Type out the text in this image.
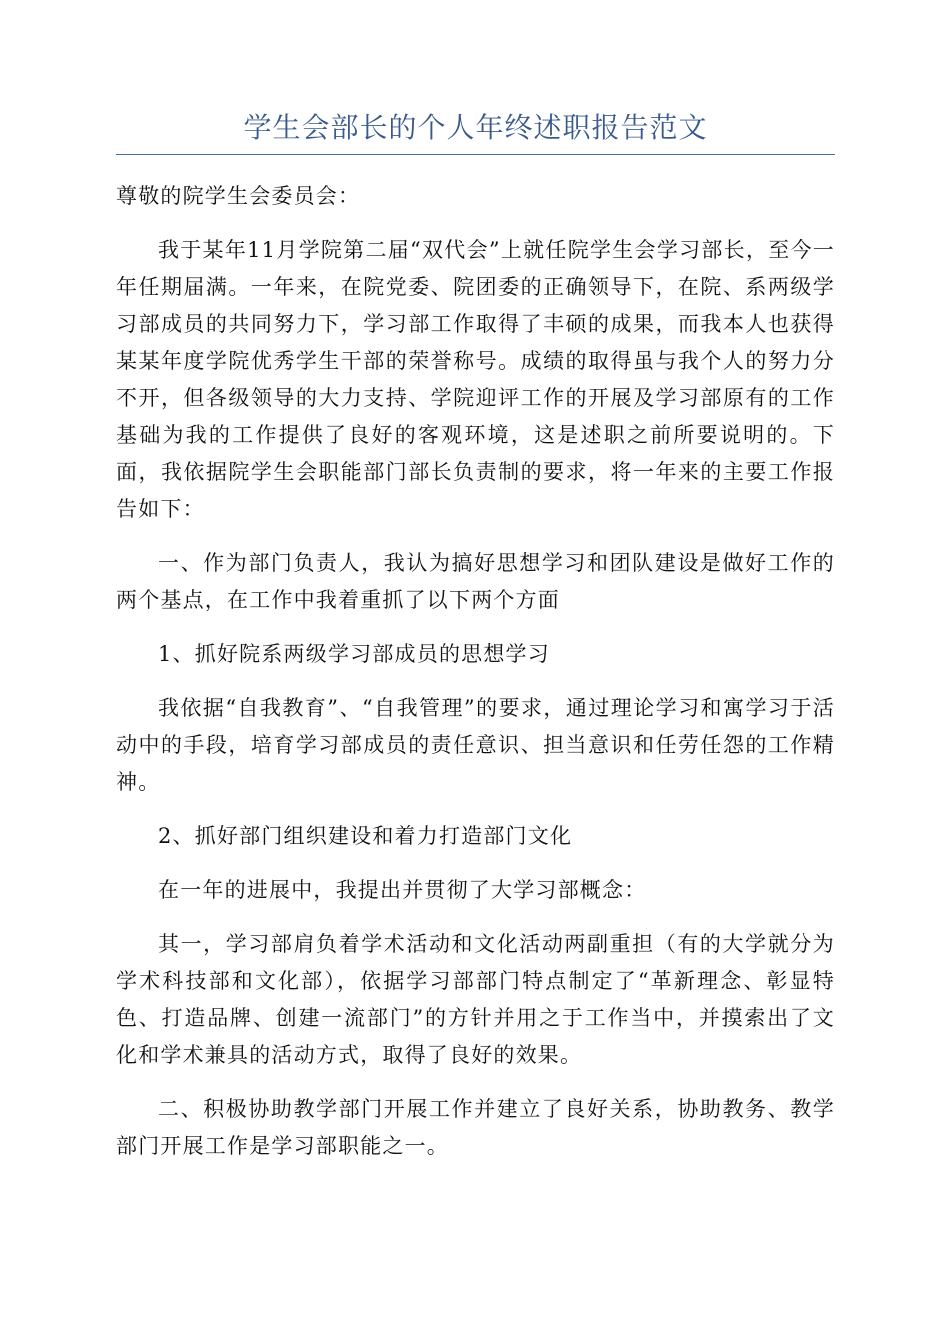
学生会部长的个人年终述职报告范文

尊敬的院学生会委员会：

我于某年11月学院第二届“双代会”上就任院学生会学习部长，至今一年任期届满。一年来，在院党委、院团委的正确领导下，在院、系两级学习部成员的共同努力下，学习部工作取得了丰硕的成果，而我本人也获得某某年度学院优秀学生干部的荣誉称号。成绩的取得虽与我个人的努力分不开，但各级领导的大力支持、学院迎评工作的开展及学习部原有的工作基础为我的工作提供了良好的客观环境，这是述职之前所要说明的。下面，我依据院学生会职能部门部长负责制的要求，将一年来的主要工作报告如下：

一、作为部门负责人，我认为搞好思想学习和团队建设是做好工作的两个基点，在工作中我着重抓了以下两个方面

1、抓好院系两级学习部成员的思想学习

我依据“自我教育”、“自我管理”的要求，通过理论学习和寓学习于活动中的手段，培育学习部成员的责任意识、担当意识和任劳任怨的工作精神。

2、抓好部门组织建设和着力打造部门文化

在一年的进展中，我提出并贯彻了大学习部概念：

其一，学习部肩负着学术活动和文化活动两副重担（有的大学就分为学术科技部和文化部），依据学习部部门特点制定了“革新理念、彰显特色、打造品牌、创建一流部门”的方针并用之于工作当中，并摸索出了文化和学术兼具的活动方式，取得了良好的效果。

二、积极协助教学部门开展工作并建立了良好关系，协助教务、教学部门开展工作是学习部职能之一。
